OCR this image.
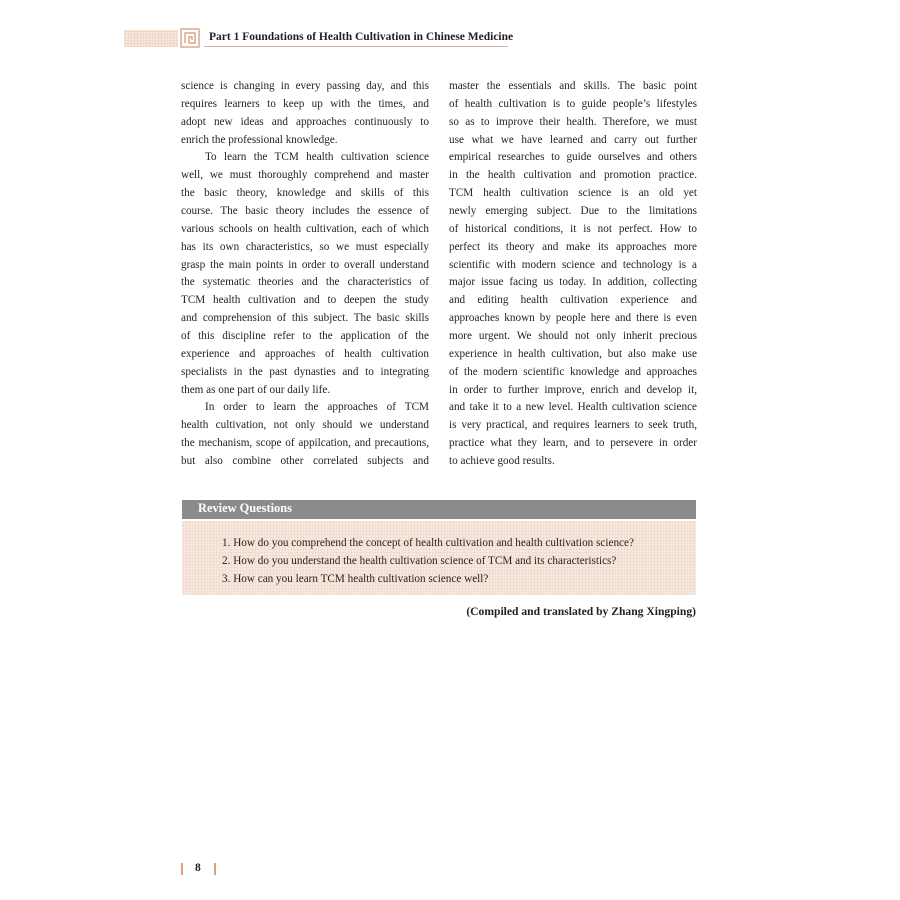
Part 1 Foundations of Health Cultivation in Chinese Medicine
science is changing in every passing day, and this
requires learners to keep up with the times, and
adopt new ideas and approaches continuously to
enrich the professional knowledge.
To learn the TCM health cultivation science
well, we must thoroughly comprehend and master
the basic theory, knowledge and skills of this
course. The basic theory includes the essence of
various schools on health cultivation, each of which
has its own characteristics, so we must especially
grasp the main points in order to overall understand
the systematic theories and the characteristics of
TCM health cultivation and to deepen the study
and comprehension of this subject. The basic skills
of this discipline refer to the application of the
experience and approaches of health cultivation
specialists in the past dynasties and to integrating
them as one part of our daily life.
In order to learn the approaches of TCM
health cultivation, not only should we understand
the mechanism, scope of appilcation, and precautions,
but also combine other correlated subjects and
master the essentials and skills. The basic point
of health cultivation is to guide people’s lifestyles
so as to improve their health. Therefore, we must
use what we have learned and carry out further
empirical researches to guide ourselves and others
in the health cultivation and promotion practice.
TCM health cultivation science is an old yet
newly emerging subject. Due to the limitations
of historical conditions, it is not perfect. How to
perfect its theory and make its approaches more
scientific with modern science and technology is a
major issue facing us today. In addition, collecting
and editing health cultivation experience and
approaches known by people here and there is even
more urgent. We should not only inherit precious
experience in health cultivation, but also make use
of the modern scientific knowledge and approaches
in order to further improve, enrich and develop it,
and take it to a new level. Health cultivation science
is very practical, and requires learners to seek truth,
practice what they learn, and to persevere in order
to achieve good results.
Review Questions
1. How do you comprehend the concept of health cultivation and health cultivation science?
2. How do you understand the health cultivation science of TCM and its characteristics?
3. How can you learn TCM health cultivation science well?
(Compiled and translated by Zhang Xingping)
8
